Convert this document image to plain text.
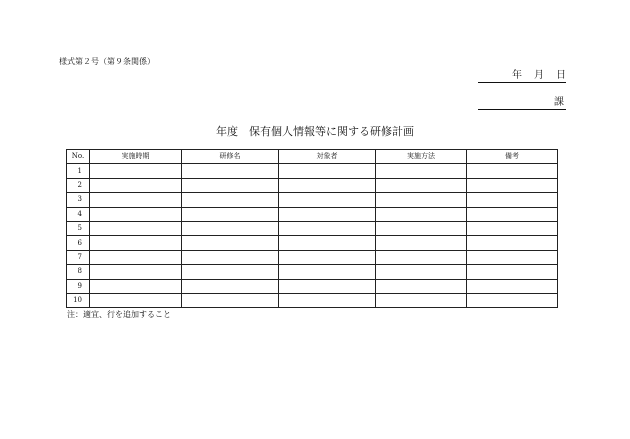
様式第２号（第９条関係）
年 月 日
課
年度　保有個人情報等に関する研修計画
No.	実施時期	研修名	対象者	実施方法	備考
1					
2					
3					
4					
5					
6					
7					
8					
9					
10					
注：適宜、行を追加すること
